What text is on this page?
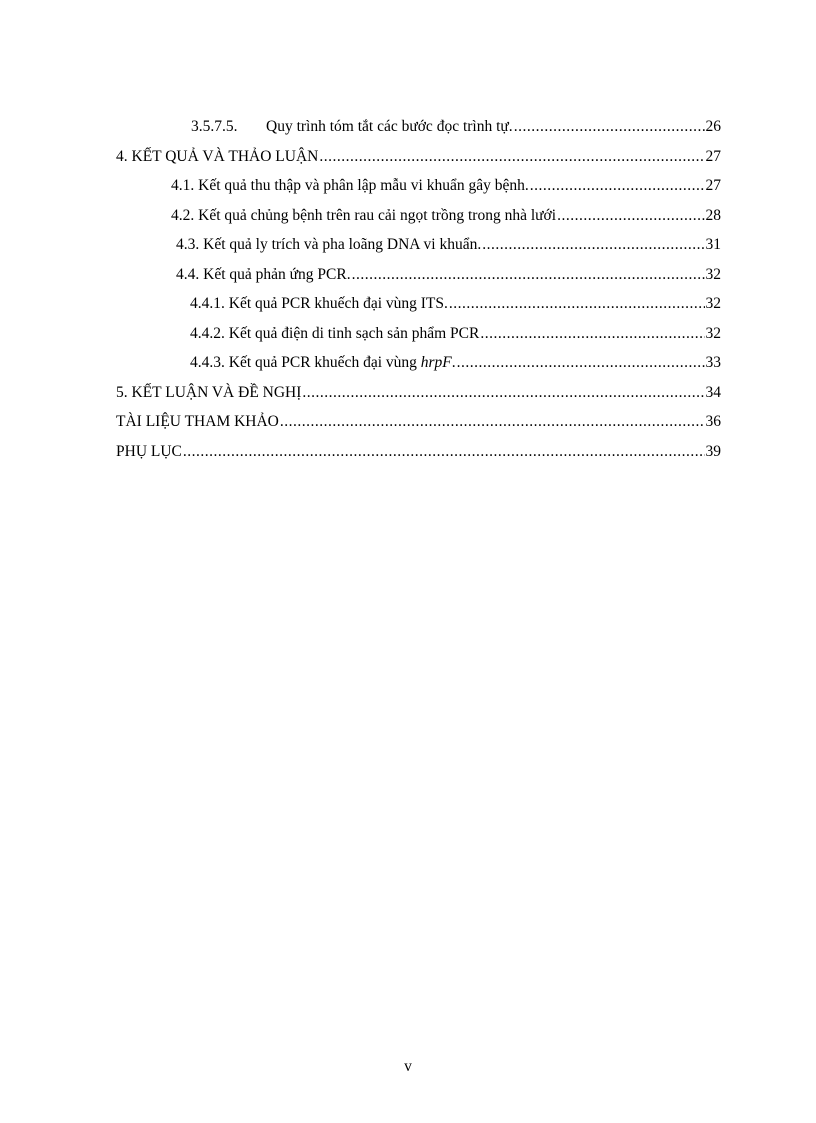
3.5.7.5. Quy trình tóm tắt các bước đọc trình tự. .....	26
4. KẾT QUẢ VÀ THẢO LUẬN .....	27
4.1. Kết quả thu thập và phân lập mẫu vi khuẩn gây bệnh. .....	27
4.2. Kết quả chủng bệnh trên rau cải ngọt trồng trong nhà lưới .....	28
4.3. Kết quả ly trích và pha loãng DNA vi khuẩn. .....	31
4.4. Kết quả phản ứng PCR. .....	32
4.4.1. Kết quả PCR khuếch đại vùng ITS. .....	32
4.4.2. Kết quả điện di tinh sạch sản phẩm PCR .....	32
4.4.3. Kết quả PCR khuếch đại vùng hrpF. .....	33
5. KẾT LUẬN VÀ ĐỀ NGHỊ .....	34
TÀI LIỆU THAM KHẢO .....	36
PHỤ LỤC .....	39
v
